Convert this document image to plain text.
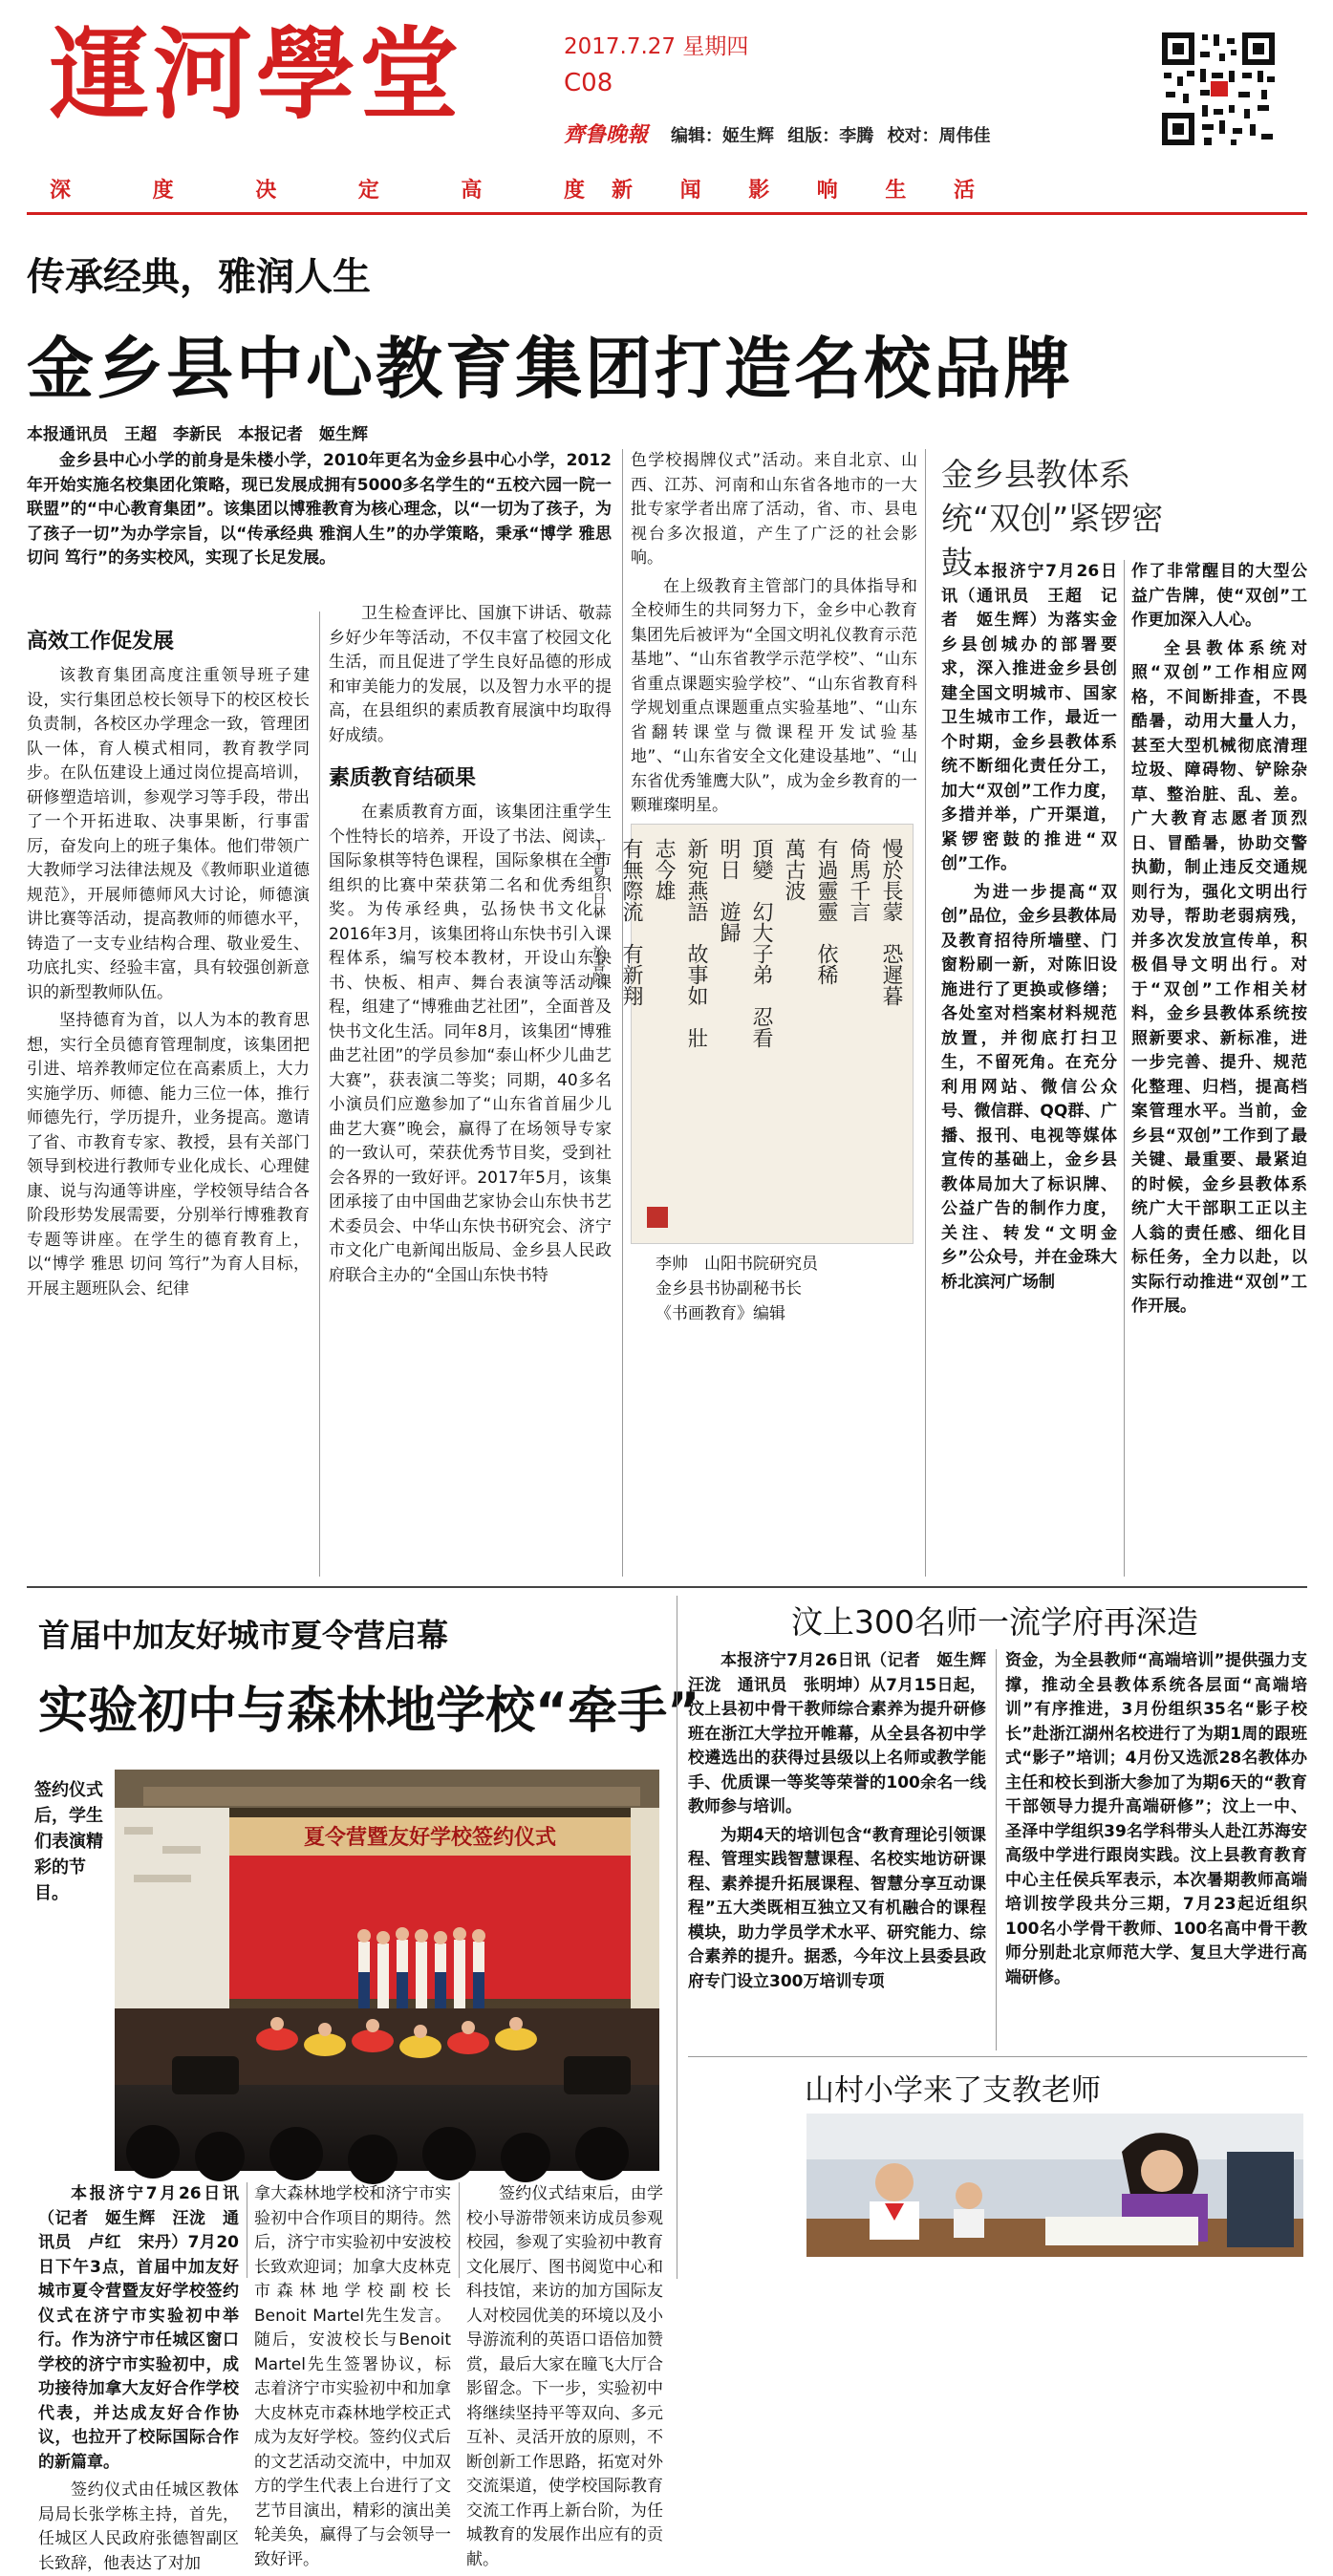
運河學堂	2017.7.27 星期四
C08
齊鲁晚報 编辑：姬生辉 组版：李腾 校对：周伟佳
深	度	决	定	高	度 新 闻 影 响 生 活
传承经典，雅润人生
金乡县中心教育集团打造名校品牌
本报通讯员　王超　李新民　本报记者　姬生辉

金乡县中心小学的前身是朱楼小学，2010年更名为金乡县中心小学，2012年开始实施名校集团化策略，现已发展成拥有5000多名学生的“五校六园一院一联盟”的“中心教育集团”。该集团以博雅教育为核心理念，以“一切为了孩子，为了孩子一切”为办学宗旨，以“传承经典 雅润人生”的办学策略，秉承“博学 雅思 切问 笃行”的务实校风，实现了长足发展。

高效工作促发展

该教育集团高度注重领导班子建设，实行集团总校长领导下的校区校长负责制，各校区办学理念一致，管理团队一体，育人模式相同，教育教学同步。在队伍建设上通过岗位提高培训，研修塑造培训，参观学习等手段，带出了一个开拓进取、决事果断，行事雷厉，奋发向上的班子集体。他们带领广大教师学习法律法规及《教师职业道德规范》，开展师德师风大讨论，师德演讲比赛等活动，提高教师的师德水平，铸造了一支专业结构合理、敬业爱生、功底扎实、经验丰富，具有较强创新意识的新型教师队伍。

坚持德育为首，以人为本的教育思想，实行全员德育管理制度，该集团把引进、培养教师定位在高素质上，大力实施学历、师德、能力三位一体，推行师德先行，学历提升，业务提高。邀请了省、市教育专家、教授，县有关部门领导到校进行教师专业化成长、心理健康、说与沟通等讲座，学校领导结合各阶段形势发展需要，分别举行博雅教育专题等讲座。在学生的德育教育上，以“博学 雅思 切问 笃行”为育人目标，开展主题班队会、纪律

卫生检查评比、国旗下讲话、敬蒜乡好少年等活动，不仅丰富了校园文化生活，而且促进了学生良好品德的形成和审美能力的发展，以及智力水平的提高，在县组织的素质教育展演中均取得好成绩。

素质教育结硕果

在素质教育方面，该集团注重学生个性特长的培养，开设了书法、阅读、国际象棋等特色课程，国际象棋在全市组织的比赛中荣获第二名和优秀组织奖。为传承经典，弘扬快书文化，2016年3月，该集团将山东快书引入课程体系，编写校本教材，开设山东快书、快板、相声、舞台表演等活动课程，组建了“博雅曲艺社团”，全面普及快书文化生活。同年8月，该集团“博雅曲艺社团”的学员参加“泰山杯少儿曲艺大赛”，获表演二等奖；同期，40多名小演员们应邀参加了“山东省首届少儿曲艺大赛”晚会，赢得了在场领导专家的一致认可，荣获优秀节目奖，受到社会各界的一致好评。2017年5月，该集团承接了由中国曲艺家协会山东快书艺术委员会、中华山东快书研究会、济宁市文化广电新闻出版局、金乡县人民政府联合主办的“全国山东快书特

色学校揭牌仪式”活动。来自北京、山西、江苏、河南和山东省各地市的一大批专家学者出席了活动，省、市、县电视台多次报道，产生了广泛的社会影响。

在上级教育主管部门的具体指导和全校师生的共同努力下，金乡中心教育集团先后被评为“全国文明礼仪教育示范基地”、“山东省教学示范学校”、“山东省重点课题实验学校”、“山东省教育科学规划重点课题重点实验基地”、“山东省翻转课堂与微课程开发试验基地”、“山东省安全文化建设基地”、“山东省优秀雏鹰大队”，成为金乡教育的一颗璀璨明星。

慢於長蒙　恐遲暮
倚馬千言
有過靈靈　依稀
萬古波
頂變　幻大子弟　忍看
明日　遊歸
新宛燕語　故事如　壯
志今雄
有無際流　有新翔
丁酉夏　日林　　於書院
李帅　山阳书院研究员
金乡县书协副秘书长
《书画教育》编辑
金乡县教体系统“双创”紧锣密鼓 本报济宁7月26日讯（通讯员　王超　记者　姬生辉）为落实金乡县创城办的部署要求，深入推进金乡县创建全国文明城市、国家卫生城市工作，最近一个时期，金乡县教体系统不断细化责任分工，加大“双创”工作力度，多措并举，广开渠道，紧锣密鼓的推进“双创”工作。

为进一步提高“双创”品位，金乡县教体局及教育招待所墙壁、门窗粉刷一新，对陈旧设施进行了更换或修缮；各处室对档案材料规范放置，并彻底打扫卫生，不留死角。在充分利用网站、微信公众号、微信群、QQ群、广播、报刊、电视等媒体宣传的基础上，金乡县教体局加大了标识牌、公益广告的制作力度，关注、转发“文明金乡”公众号，并在金珠大桥北滨河广场制

作了非常醒目的大型公益广告牌，使“双创”工作更加深入人心。

全县教体系统对照“双创”工作相应网格，不间断排查，不畏酷暑，动用大量人力，甚至大型机械彻底清理垃圾、障碍物、铲除杂草、整治脏、乱、差。广大教育志愿者顶烈日、冒酷暑，协助交警执勤，制止违反交通规则行为，强化文明出行劝导，帮助老弱病残，并多次发放宣传单，积极倡导文明出行。对于“双创”工作相关材料，金乡县教体系统按照新要求、新标准，进一步完善、提升、规范化整理、归档，提高档案管理水平。当前，金乡县“双创”工作到了最关键、最重要、最紧迫的时候，金乡县教体系统广大干部职工正以主人翁的责任感、细化目标任务，全力以赴，以实际行动推进“双创”工作开展。

首届中加友好城市夏令营启幕
实验初中与森林地学校“牵手”
签约仪式后，学生们表演精彩的节目。
夏令营暨友好学校签约仪式

本报济宁7月26日讯（记者　姬生辉　汪泷　通讯员　卢红　宋丹）7月20日下午3点，首届中加友好城市夏令营暨友好学校签约仪式在济宁市实验初中举行。作为济宁市任城区窗口学校的济宁市实验初中，成功接待加拿大友好合作学校代表，并达成友好合作协议，也拉开了校际国际合作的新篇章。

签约仪式由任城区教体局局长张学栋主持，首先，任城区人民政府张德智副区长致辞，他表达了对加

拿大森林地学校和济宁市实验初中合作项目的期待。然后，济宁市实验初中安波校长致欢迎词；加拿大皮林克市森林地学校副校长Benoit Martel先生发言。随后，安波校长与Benoit Martel先生签署协议，标志着济宁市实验初中和加拿大皮林克市森林地学校正式成为友好学校。签约仪式后的文艺活动交流中，中加双方的学生代表上台进行了文艺节目演出，精彩的演出美轮美奂，赢得了与会领导一致好评。

签约仪式结束后，由学校小导游带领来访成员参观校园，参观了实验初中教育文化展厅、图书阅览中心和科技馆，来访的加方国际友人对校园优美的环境以及小导游流利的英语口语倍加赞赏，最后大家在瞳飞大厅合影留念。下一步，实验初中将继续坚持平等双向、多元互补、灵活开放的原则，不断创新工作思路，拓宽对外交流渠道，使学校国际教育交流工作再上新台阶，为任城教育的发展作出应有的贡献。

汶上300名师一流学府再深造

本报济宁7月26日讯（记者　姬生辉　汪泷　通讯员　张明坤）从7月15日起，汶上县初中骨干教师综合素养为提升研修班在浙江大学拉开帷幕，从全县各初中学校遴选出的获得过县级以上名师或教学能手、优质课一等奖等荣誉的100余名一线教师参与培训。

为期4天的培训包含“教育理论引领课程、管理实践智慧课程、名校实地访研课程、素养提升拓展课程、智慧分享互动课程”五大类既相互独立又有机融合的课程模块，助力学员学术水平、研究能力、综合素养的提升。据悉，今年汶上县委县政府专门设立300万培训专项

资金，为全县教师“高端培训”提供强力支撑，推动全县教体系统各层面“高端培训”有序推进，3月份组织35名“影子校长”赴浙江湖州名校进行了为期1周的跟班式“影子”培训；4月份又选派28名教体办主任和校长到浙大参加了为期6天的“教育干部领导力提升高端研修”；汶上一中、圣泽中学组织39名学科带头人赴江苏海安高级中学进行跟岗实践。汶上县教育教育中心主任侯兵军表示，本次暑期教师高端培训按学段共分三期，7月23起近组织100名小学骨干教师、100名高中骨干教师分别赴北京师范大学、复旦大学进行高端研修。

山村小学来了支教老师
